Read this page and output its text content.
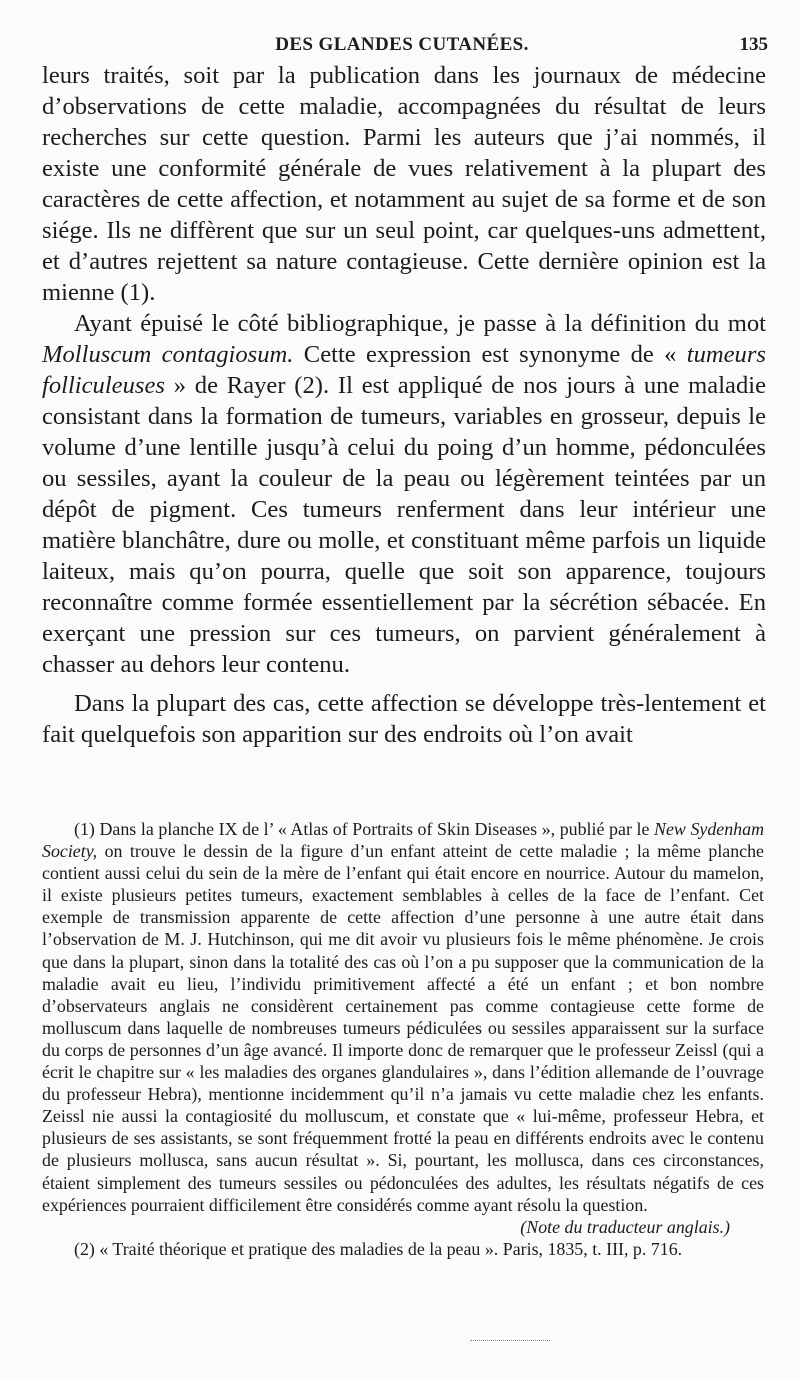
DES GLANDES CUTANÉES.	135

leurs traités, soit par la publication dans les journaux de médecine d’observations de cette maladie, accompagnées du résultat de leurs recherches sur cette question. Parmi les auteurs que j’ai nommés, il existe une conformité générale de vues relativement à la plupart des caractères de cette affection, et notamment au sujet de sa forme et de son siége. Ils ne diffèrent que sur un seul point, car quelques-uns admettent, et d’autres rejettent sa nature contagieuse. Cette dernière opinion est la mienne (1).

Ayant épuisé le côté bibliographique, je passe à la définition du mot Molluscum contagiosum. Cette expression est synonyme de « tumeurs folliculeuses » de Rayer (2). Il est appliqué de nos jours à une maladie consistant dans la formation de tumeurs, variables en grosseur, depuis le volume d’une lentille jusqu’à celui du poing d’un homme, pédonculées ou sessiles, ayant la couleur de la peau ou légèrement teintées par un dépôt de pigment. Ces tumeurs renferment dans leur intérieur une matière blanchâtre, dure ou molle, et constituant même parfois un liquide laiteux, mais qu’on pourra, quelle que soit son apparence, toujours reconnaître comme formée essentiellement par la sécrétion sébacée. En exerçant une pression sur ces tumeurs, on parvient généralement à chasser au dehors leur contenu.

Dans la plupart des cas, cette affection se développe très-lentement et fait quelquefois son apparition sur des endroits où l’on avait

(1) Dans la planche IX de l’ « Atlas of Portraits of Skin Diseases », publié par le New Sydenham Society, on trouve le dessin de la figure d’un enfant atteint de cette maladie ; la même planche contient aussi celui du sein de la mère de l’enfant qui était encore en nourrice. Autour du mamelon, il existe plusieurs petites tumeurs, exactement semblables à celles de la face de l’enfant. Cet exemple de transmission apparente de cette affection d’une personne à une autre était dans l’observation de M. J. Hutchinson, qui me dit avoir vu plusieurs fois le même phénomène. Je crois que dans la plupart, sinon dans la totalité des cas où l’on a pu supposer que la communication de la maladie avait eu lieu, l’individu primitivement affecté a été un enfant ; et bon nombre d’observateurs anglais ne considèrent certainement pas comme contagieuse cette forme de molluscum dans laquelle de nombreuses tumeurs pédiculées ou sessiles apparaissent sur la surface du corps de personnes d’un âge avancé. Il importe donc de remarquer que le professeur Zeissl (qui a écrit le chapitre sur « les maladies des organes glandulaires », dans l’édition allemande de l’ouvrage du professeur Hebra), mentionne incidemment qu’il n’a jamais vu cette maladie chez les enfants. Zeissl nie aussi la contagiosité du molluscum, et constate que « lui-même, professeur Hebra, et plusieurs de ses assistants, se sont fréquemment frotté la peau en différents endroits avec le contenu de plusieurs mollusca, sans aucun résultat ». Si, pourtant, les mollusca, dans ces circonstances, étaient simplement des tumeurs sessiles ou pédonculées des adultes, les résultats négatifs de ces expériences pourraient difficilement être considérés comme ayant résolu la question.

(Note du traducteur anglais.)

(2) « Traité théorique et pratique des maladies de la peau ». Paris, 1835, t. III, p. 716.
